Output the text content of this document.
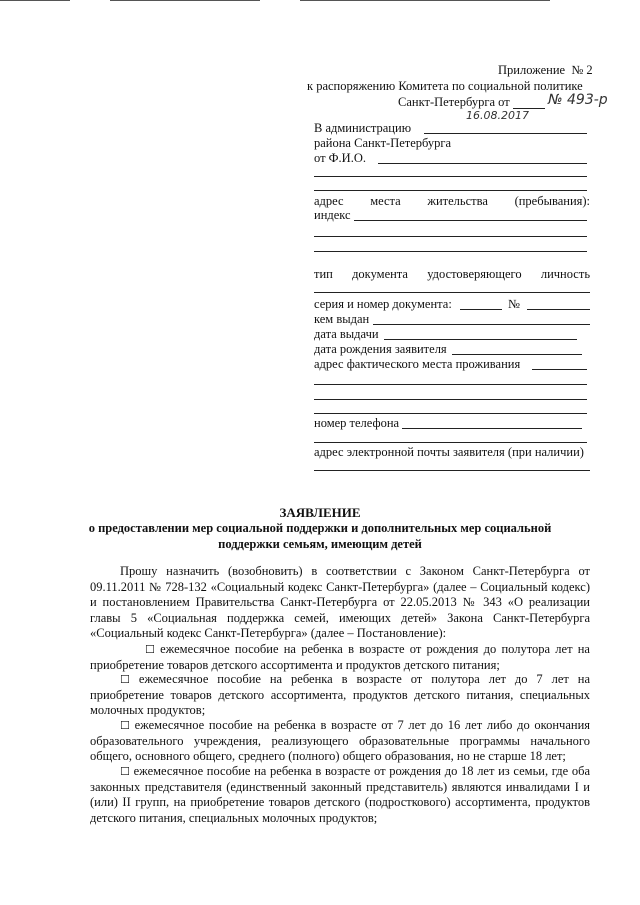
Приложение № 2
к распоряжению Комитета по социальной политике
Санкт-Петербурга от	№ 493-р
16.08.2017
В администрацию
района Санкт-Петербурга
от Ф.И.О.
адрес места жительства (пребывания):
индекс
тип документа удостоверяющего личность
серия и номер документа:	№
кем выдан
дата выдачи
дата рождения заявителя
адрес фактического места проживания
номер телефона
адрес электронной почты заявителя (при наличии)
ЗАЯВЛЕНИЕ
о предоставлении мер социальной поддержки и дополнительных мер социальной
поддержки семьям, имеющим детей
Прошу назначить (возобновить) в соответствии с Законом Санкт-Петербурга от 09.11.2011 № 728-132 «Социальный кодекс Санкт-Петербурга» (далее – Социальный кодекс) и постановлением Правительства Санкт-Петербурга от 22.05.2013 № 343 «О реализации главы 5 «Социальная поддержка семей, имеющих детей» Закона Санкт-Петербурга «Социальный кодекс Санкт-Петербурга» (далее – Постановление):
☐ ежемесячное пособие на ребенка в возрасте от рождения до полутора лет на приобретение товаров детского ассортимента и продуктов детского питания;
☐ ежемесячное пособие на ребенка в возрасте от полутора лет до 7 лет на приобретение товаров детского ассортимента, продуктов детского питания, специальных молочных продуктов;
☐ ежемесячное пособие на ребенка в возрасте от 7 лет до 16 лет либо до окончания образовательного учреждения, реализующего образовательные программы начального общего, основного общего, среднего (полного) общего образования, но не старше 18 лет;
☐ ежемесячное пособие на ребенка в возрасте от рождения до 18 лет из семьи, где оба законных представителя (единственный законный представитель) являются инвалидами I и (или) II групп, на приобретение товаров детского (подросткового) ассортимента, продуктов детского питания, специальных молочных продуктов;
